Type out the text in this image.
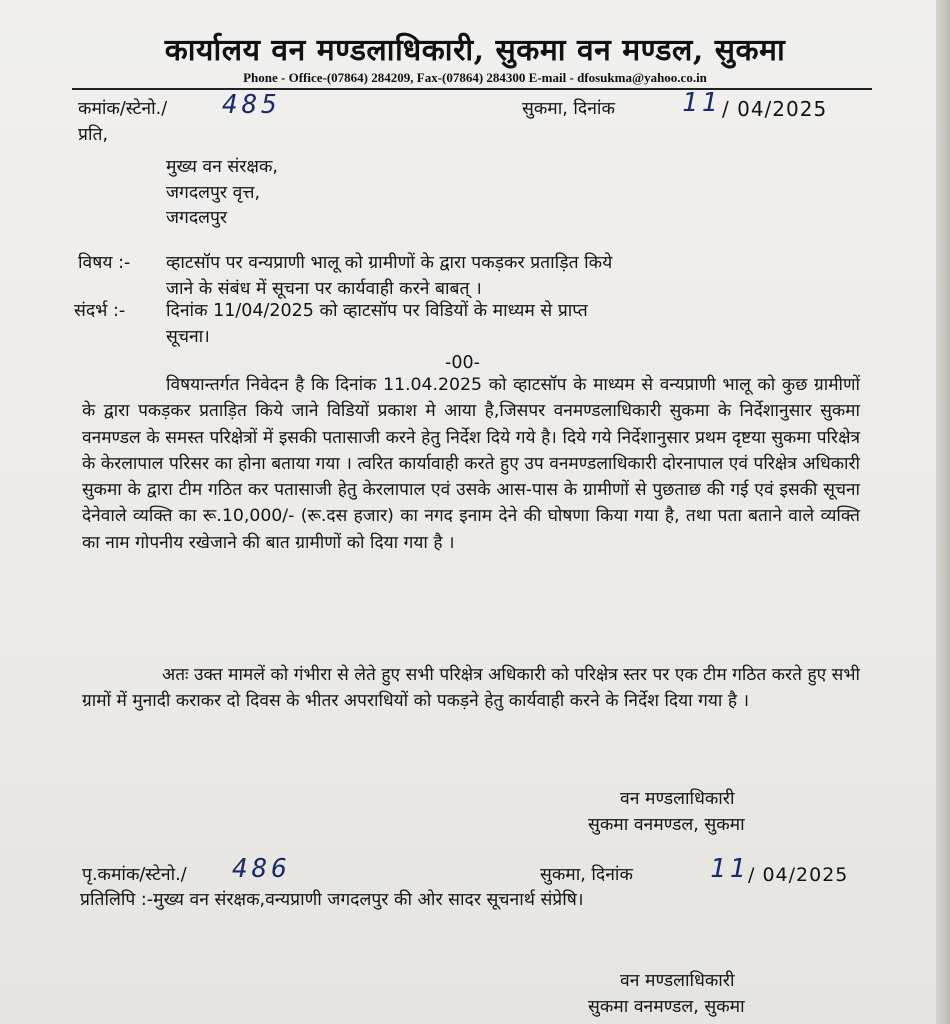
कार्यालय वन मण्डलाधिकारी, सुकमा वन मण्डल, सुकमा
Phone - Office-(07864) 284209, Fax-(07864) 284300 E-mail - dfosukma@yahoo.co.in
कमांक/स्टेनो./ 485	सुकमा, दिनांक	11 / 04/2025
प्रति,
मुख्य वन संरक्षक,
जगदलपुर वृत्त,
जगदलपुर
विषय :- व्हाटसॉप पर वन्यप्राणी भालू को ग्रामीणों के द्वारा पकड़कर प्रताड़ित किये
जाने के संबंध में सूचना पर कार्यवाही करने बाबत् ।
संदर्भ :- दिनांक 11/04/2025 को व्हाटसॉप पर विडियों के माध्यम से प्राप्त
सूचना।
-00-
विषयान्तर्गत निवेदन है कि दिनांक 11.04.2025 को व्हाटसॉप के माध्यम से वन्यप्राणी भालू को कुछ ग्रामीणों के द्वारा पकड़कर प्रताड़ित किये जाने विडियों प्रकाश मे आया है,जिसपर वनमण्डलाधिकारी सुकमा के निर्देशानुसार सुकमा वनमण्डल के समस्त परिक्षेत्रों में इसकी पतासाजी करने हेतु निर्देश दिये गये है। दिये गये निर्देशानुसार प्रथम दृष्टया सुकमा परिक्षेत्र के केरलापाल परिसर का होना बताया गया । त्वरित कार्यावाही करते हुए उप वनमण्डलाधिकारी दोरनापाल एवं परिक्षेत्र अधिकारी सुकमा के द्वारा टीम गठित कर पतासाजी हेतु केरलापाल एवं उसके आस-पास के ग्रामीणों से पुछताछ की गई एवं इसकी सूचना देनेवाले व्यक्ति का रू.10,000/- (रू.दस हजार) का नगद इनाम देने की घोषणा किया गया है, तथा पता बताने वाले व्यक्ति का नाम गोपनीय रखेजाने की बात ग्रामीणों को दिया गया है ।
अतः उक्त मामलें को गंभीरा से लेते हुए सभी परिक्षेत्र अधिकारी को परिक्षेत्र स्तर पर एक टीम गठित करते हुए सभी ग्रामों में मुनादी कराकर दो दिवस के भीतर अपराधियों को पकड़ने हेतु कार्यवाही करने के निर्देश दिया गया है ।
वन मण्डलाधिकारी
सुकमा वनमण्डल, सुकमा
पृ.कमांक/स्टेनो./ 486	सुकमा, दिनांक	11
/ 04/2025
प्रतिलिपि :-मुख्य वन संरक्षक,वन्यप्राणी जगदलपुर की ओर सादर सूचनार्थ संप्रेषि।
वन मण्डलाधिकारी
सुकमा वनमण्डल, सुकमा
